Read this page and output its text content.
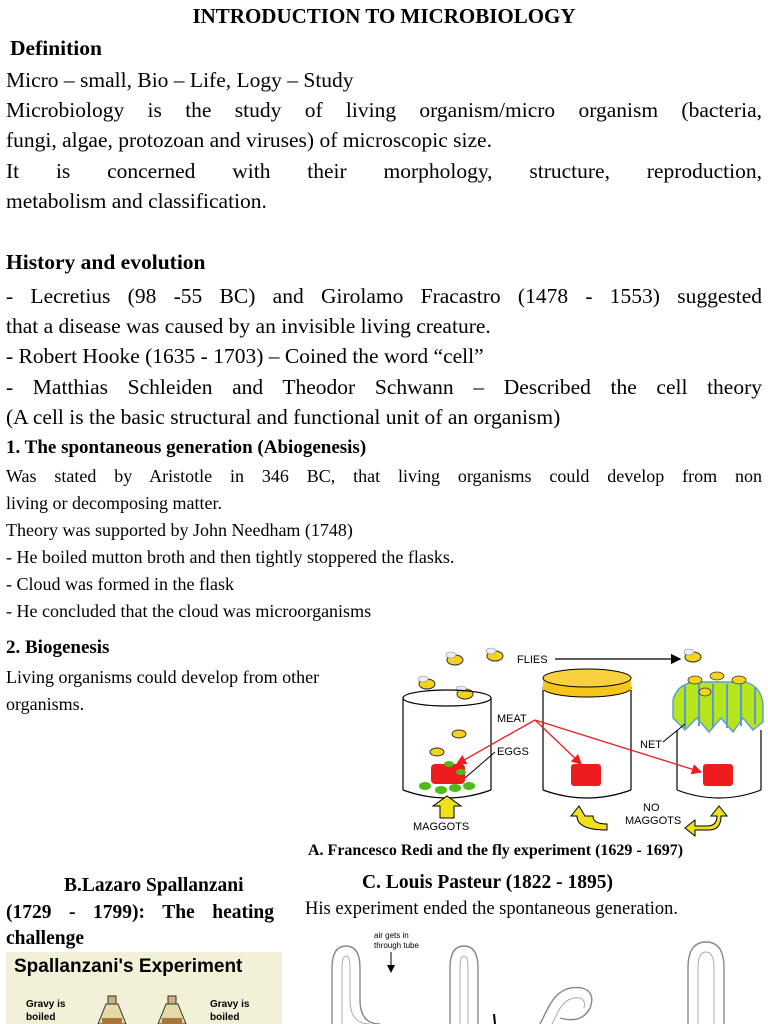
INTRODUCTION TO MICROBIOLOGY
Definition
Micro – small, Bio – Life, Logy – Study
Microbiology is the study of living organism/micro organism (bacteria,
fungi, algae, protozoan and viruses) of microscopic size.
It is concerned with their morphology, structure, reproduction,
metabolism and classification.
History and evolution
- Lecretius (98 -55 BC) and Girolamo Fracastro (1478 - 1553) suggested
that a disease was caused by an invisible living creature.
- Robert Hooke (1635 - 1703) – Coined the word “cell”
- Matthias Schleiden and Theodor Schwann – Described the cell theory
(A cell is the basic structural and functional unit of an organism)
1. The spontaneous generation (Abiogenesis)
Was stated by Aristotle in 346 BC, that living organisms could develop from non
living or decomposing matter.
Theory was supported by John Needham (1748)
- He boiled mutton broth and then tightly stoppered the flasks.
- Cloud was formed in the flask
- He concluded that the cloud was microorganisms
2. Biogenesis
Living organisms could develop from other
organisms.
FLIES
MEAT
EGGS
NET
MAGGOTS
NO
MAGGOTS
A. Francesco Redi and the fly experiment (1629 - 1697)
B.Lazaro Spallanzani
(1729 - 1799): The heating
challenge
Spallanzani's Experiment
Gravy is
boiled
Gravy is
boiled
C. Louis Pasteur (1822 - 1895)
His experiment ended the spontaneous generation.
air gets in
through tube
